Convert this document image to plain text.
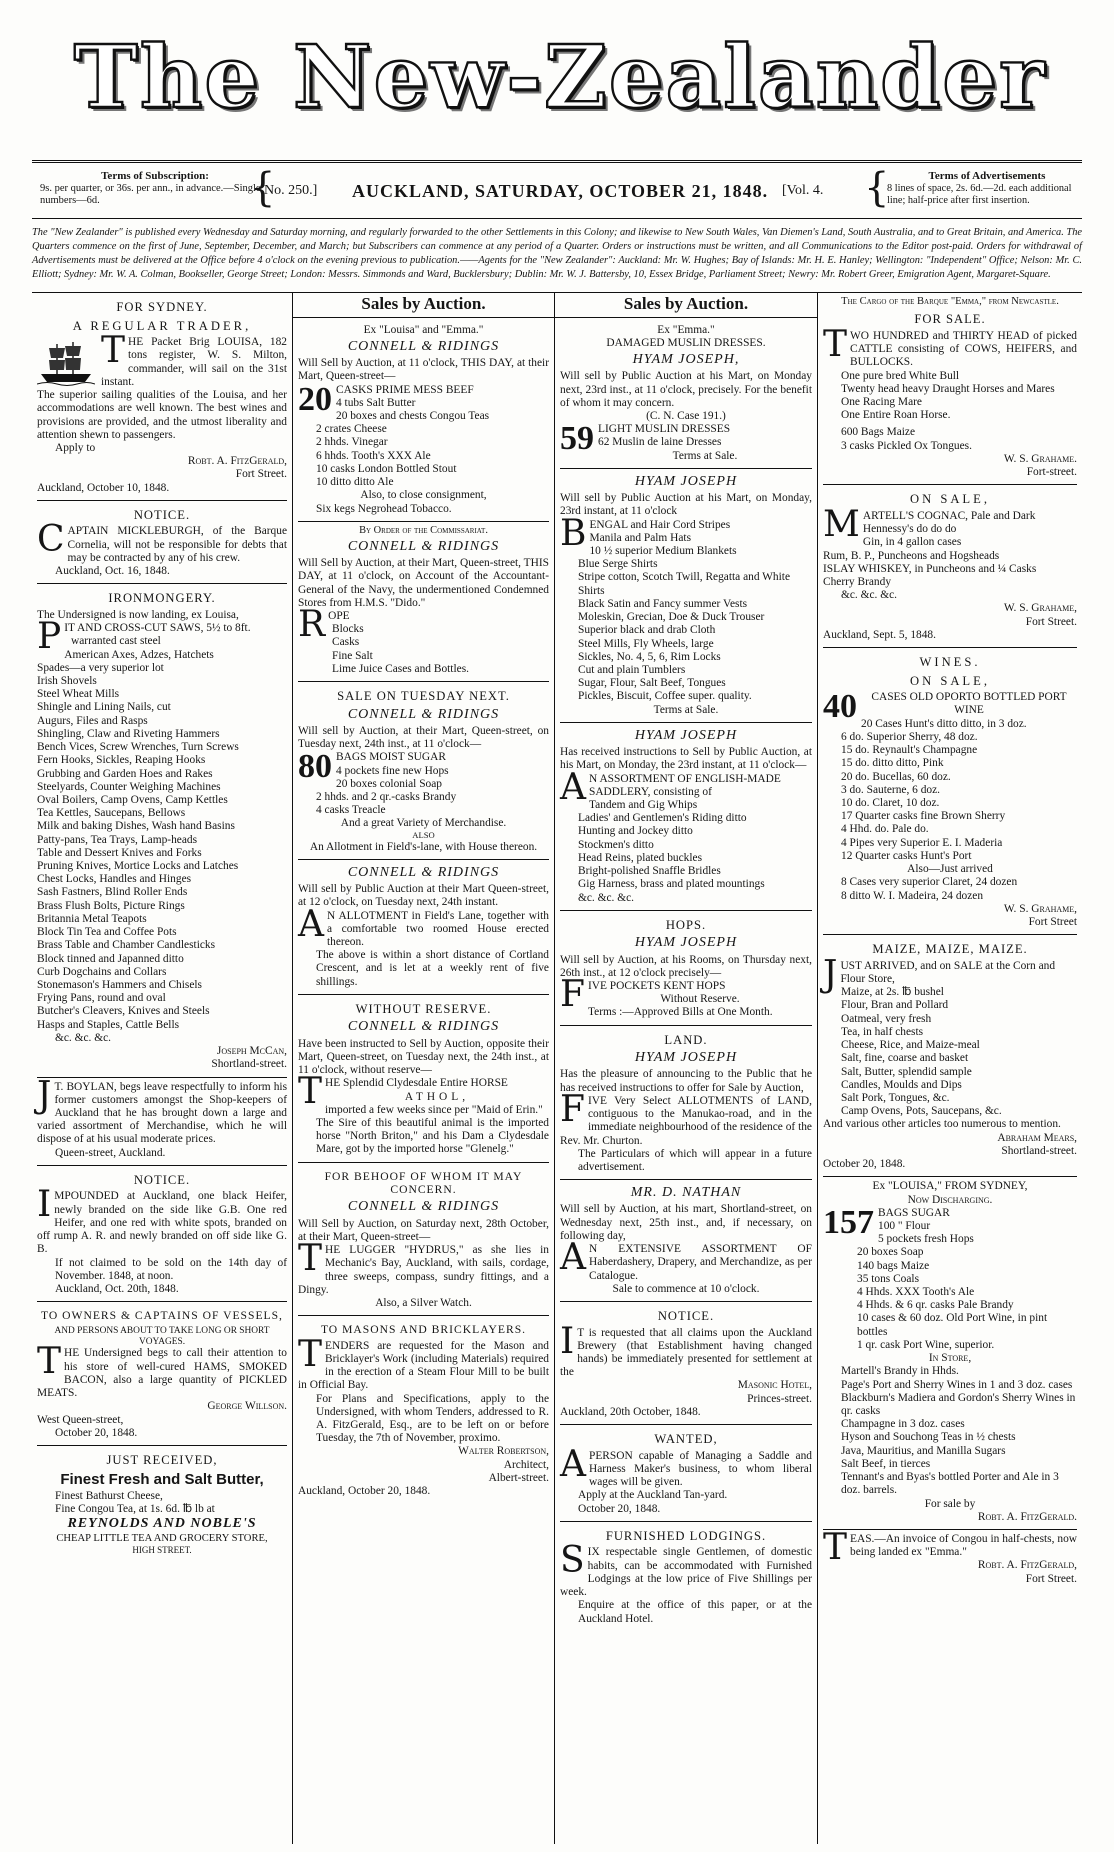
The New-Zealander
Terms of Subscription:
9s. per quarter, or 36s. per ann., in advance.—Single numbers—6d.	{
No. 250.] AUCKLAND, SATURDAY, OCTOBER 21, 1848. [Vol. 4. {	Terms of Advertisements
8 lines of space, 2s. 6d.—2d. each additional line; half-price after first insertion.
The "New Zealander" is published every Wednesday and Saturday morning, and regularly forwarded to the other Settlements in this Colony; and likewise to New South Wales, Van Diemen's Land, South Australia, and to Great Britain, and America. The Quarters commence on the first of June, September, December, and March; but Subscribers can commence at any period of a Quarter. Orders or instructions must be written, and all Communications to the Editor post-paid. Orders for withdrawal of Advertisements must be delivered at the Office before 4 o'clock on the evening previous to publication.——Agents for the "New Zealander": Auckland: Mr. W. Hughes; Bay of Islands: Mr. H. E. Hanley; Wellington: "Independent" Office; Nelson: Mr. C. Elliott; Sydney: Mr. W. A. Colman, Bookseller, George Street; London: Messrs. Simmonds and Ward, Bucklersbury; Dublin: Mr. W. J. Battersby, 10, Essex Bridge, Parliament Street; Newry: Mr. Robert Greer, Emigration Agent, Margaret-Square.
FOR SYDNEY.
A REGULAR TRADER,
T HE Packet Brig LOUISA, 182 tons register, W. S. Milton, commander, will sail on the 31st instant.
The superior sailing qualities of the Louisa, and her accommodations are well known. The best wines and provisions are provided, and the utmost liberality and attention shewn to passengers.
Apply to
Robt. A. FitzGerald,
Fort Street.
Auckland, October 10, 1848.
NOTICE.
C APTAIN MICKLEBURGH, of the Barque Cornelia, will not be responsible for debts that may be contracted by any of his crew.
Auckland, Oct. 16, 1848.
IRONMONGERY.
The Undersigned is now landing, ex Louisa,
P IT AND CROSS-CUT SAWS, 5½ to 8ft.
warranted cast steel
American Axes, Adzes, Hatchets
Spades—a very superior lot
Irish Shovels
Steel Wheat Mills
Shingle and Lining Nails, cut
Augurs, Files and Rasps
Shingling, Claw and Riveting Hammers
Bench Vices, Screw Wrenches, Turn Screws
Fern Hooks, Sickles, Reaping Hooks
Grubbing and Garden Hoes and Rakes
Steelyards, Counter Weighing Machines
Oval Boilers, Camp Ovens, Camp Kettles
Tea Kettles, Saucepans, Bellows
Milk and baking Dishes, Wash hand Basins
Patty-pans, Tea Trays, Lamp-heads
Table and Dessert Knives and Forks
Pruning Knives, Mortice Locks and Latches
Chest Locks, Handles and Hinges
Sash Fastners, Blind Roller Ends
Brass Flush Bolts, Picture Rings
Britannia Metal Teapots
Block Tin Tea and Coffee Pots
Brass Table and Chamber Candlesticks
Block tinned and Japanned ditto
Curb Dogchains and Collars
Stonemason's Hammers and Chisels
Frying Pans, round and oval
Butcher's Cleavers, Knives and Steels
Hasps and Staples, Cattle Bells
&c. &c. &c.
Joseph McCan,
Shortland-street.
J T. BOYLAN, begs leave respectfully to inform his former customers amongst the Shop-keepers of Auckland that he has brought down a large and varied assortment of Merchandise, which he will dispose of at his usual moderate prices.
Queen-street, Auckland.
NOTICE.
I MPOUNDED at Auckland, one black Heifer, newly branded on the side like G.B. One red Heifer, and one red with white spots, branded on off rump A. R. and newly branded on off side like G. B.
If not claimed to be sold on the 14th day of November. 1848, at noon.
Auckland, Oct. 20th, 1848.
TO OWNERS & CAPTAINS OF VESSELS,
AND PERSONS ABOUT TO TAKE LONG OR SHORT VOYAGES.
T HE Undersigned begs to call their attention to his store of well-cured HAMS, SMOKED BACON, also a large quantity of PICKLED MEATS.
George Willson.
West Queen-street,
October 20, 1848.
JUST RECEIVED,
Finest Fresh and Salt Butter,
Finest Bathurst Cheese,
Fine Congou Tea, at 1s. 6d. ℔ lb at
REYNOLDS AND NOBLE'S
CHEAP LITTLE TEA AND GROCERY STORE,
HIGH STREET.
Sales by Auction.
Ex "Louisa" and "Emma."
CONNELL & RIDINGS
Will Sell by Auction, at 11 o'clock, THIS DAY, at their Mart, Queen-street—
20 CASKS PRIME MESS BEEF
4 tubs Salt Butter
20 boxes and chests Congou Teas
2 crates Cheese
2 hhds. Vinegar
6 hhds. Tooth's XXX Ale
10 casks London Bottled Stout
10 ditto ditto Ale
Also, to close consignment,
Six kegs Negrohead Tobacco.
By Order of the Commissariat.
CONNELL & RIDINGS
Will Sell by Auction, at their Mart, Queen-street, THIS DAY, at 11 o'clock, on Account of the Accountant-General of the Navy, the undermentioned Condemned Stores from H.M.S. "Dido."
R OPE
Blocks
Casks
Fine Salt
Lime Juice Cases and Bottles.
SALE ON TUESDAY NEXT.
CONNELL & RIDINGS
Will sell by Auction, at their Mart, Queen-street, on Tuesday next, 24th inst., at 11 o'clock—
80 BAGS MOIST SUGAR
4 pockets fine new Hops
20 boxes colonial Soap
2 hhds. and 2 qr.-casks Brandy
4 casks Treacle
And a great Variety of Merchandise.
ALSO
An Allotment in Field's-lane, with House thereon.
CONNELL & RIDINGS
Will sell by Public Auction at their Mart Queen-street, at 12 o'clock, on Tuesday next, 24th instant.
A N ALLOTMENT in Field's Lane, together with a comfortable two roomed House erected thereon.
The above is within a short distance of Cortland Crescent, and is let at a weekly rent of five shillings.
WITHOUT RESERVE.
CONNELL & RIDINGS
Have been instructed to Sell by Auction, opposite their Mart, Queen-street, on Tuesday next, the 24th inst., at 11 o'clock, without reserve—
T HE Splendid Clydesdale Entire HORSE
ATHOL,
imported a few weeks since per "Maid of Erin."
The Sire of this beautiful animal is the imported horse "North Briton," and his Dam a Clydesdale Mare, got by the imported horse "Glenelg."
FOR BEHOOF OF WHOM IT MAY CONCERN.
CONNELL & RIDINGS
Will Sell by Auction, on Saturday next, 28th October, at their Mart, Queen-street—
T HE LUGGER "HYDRUS," as she lies in Mechanic's Bay, Auckland, with sails, cordage, three sweeps, compass, sundry fittings, and a Dingy.
Also, a Silver Watch.
TO MASONS AND BRICKLAYERS.
T ENDERS are requested for the Mason and Bricklayer's Work (including Materials) required in the erection of a Steam Flour Mill to be built in Official Bay.
For Plans and Specifications, apply to the Undersigned, with whom Tenders, addressed to R. A. FitzGerald, Esq., are to be left on or before Tuesday, the 7th of November, proximo.
Walter Robertson,
Architect,
Albert-street.
Auckland, October 20, 1848.
Sales by Auction.
Ex "Emma."
DAMAGED MUSLIN DRESSES.
HYAM JOSEPH,
Will sell by Public Auction at his Mart, on Monday next, 23rd inst., at 11 o'clock, precisely. For the benefit of whom it may concern.
(C. N. Case 191.)
59 LIGHT MUSLIN DRESSES
62 Muslin de laine Dresses
Terms at Sale.
HYAM JOSEPH
Will sell by Public Auction at his Mart, on Monday, 23rd instant, at 11 o'clock
B ENGAL and Hair Cord Stripes
Manila and Palm Hats
10 ½ superior Medium Blankets
Blue Serge Shirts
Stripe cotton, Scotch Twill, Regatta and White Shirts
Black Satin and Fancy summer Vests
Moleskin, Grecian, Doe & Duck Trouser
Superior black and drab Cloth
Steel Mills, Fly Wheels, large
Sickles, No. 4, 5, 6, Rim Locks
Cut and plain Tumblers
Sugar, Flour, Salt Beef, Tongues
Pickles, Biscuit, Coffee super. quality.
Terms at Sale.
HYAM JOSEPH
Has received instructions to Sell by Public Auction, at his Mart, on Monday, the 23rd instant, at 11 o'clock—
A N ASSORTMENT OF ENGLISH-MADE SADDLERY, consisting of
Tandem and Gig Whips
Ladies' and Gentlemen's Riding ditto
Hunting and Jockey ditto
Stockmen's ditto
Head Reins, plated buckles
Bright-polished Snaffle Bridles
Gig Harness, brass and plated mountings
&c. &c. &c.
HOPS.
HYAM JOSEPH
Will sell by Auction, at his Rooms, on Thursday next, 26th inst., at 12 o'clock precisely—
F IVE POCKETS KENT HOPS
Without Reserve.
Terms :—Approved Bills at One Month.
LAND.
HYAM JOSEPH
Has the pleasure of announcing to the Public that he has received instructions to offer for Sale by Auction,
F IVE Very Select ALLOTMENTS of LAND, contiguous to the Manukao-road, and in the immediate neighbourhood of the residence of the Rev. Mr. Churton.
The Particulars of which will appear in a future advertisement.
MR. D. NATHAN
Will sell by Auction, at his mart, Shortland-street, on Wednesday next, 25th inst., and, if necessary, on following day,
A N EXTENSIVE ASSORTMENT OF Haberdashery, Drapery, and Merchandize, as per Catalogue.
Sale to commence at 10 o'clock.
NOTICE.
I T is requested that all claims upon the Auckland Brewery (that Establishment having changed hands) be immediately presented for settlement at the
Masonic Hotel,
Princes-street.
Auckland, 20th October, 1848.
WANTED,
A PERSON capable of Managing a Saddle and Harness Maker's business, to whom liberal wages will be given.
Apply at the Auckland Tan-yard.
October 20, 1848.
FURNISHED LODGINGS.
S IX respectable single Gentlemen, of domestic habits, can be accommodated with Furnished Lodgings at the low price of Five Shillings per week.
Enquire at the office of this paper, or at the Auckland Hotel.
The Cargo of the Barque "Emma," from Newcastle.
FOR SALE.
T WO HUNDRED and THIRTY HEAD of picked CATTLE consisting of COWS, HEIFERS, and BULLOCKS.
One pure bred White Bull
Twenty head heavy Draught Horses and Mares
One Racing Mare
One Entire Roan Horse.
600 Bags Maize
3 casks Pickled Ox Tongues.
W. S. Grahame.
Fort-street.
ON SALE,
M ARTELL'S COGNAC, Pale and Dark Hennessy's do do do
Gin, in 4 gallon cases
Rum, B. P., Puncheons and Hogsheads
ISLAY WHISKEY, in Puncheons and ¼ Casks
Cherry Brandy
&c. &c. &c.
W. S. Grahame,
Fort Street.
Auckland, Sept. 5, 1848.
WINES.
ON SALE,
40	CASES OLD OPORTO BOTTLED PORT WINE
20 Cases Hunt's ditto ditto, in 3 doz.
6 do. Superior Sherry, 48 doz.
15 do. Reynault's Champagne
15 do. ditto ditto, Pink
20 do. Bucellas, 60 doz.
3 do. Sauterne, 6 doz.
10 do. Claret, 10 doz.
17 Quarter casks fine Brown Sherry
4 Hhd. do. Pale do.
4 Pipes very Superior E. I. Maderia
12 Quarter casks Hunt's Port
Also—Just arrived
8 Cases very superior Claret, 24 dozen
8 ditto W. I. Madeira, 24 dozen
W. S. Grahame,
Fort Street
MAIZE, MAIZE, MAIZE.
J UST ARRIVED, and on SALE at the Corn and Flour Store,
Maize, at 2s. ℔ bushel
Flour, Bran and Pollard
Oatmeal, very fresh
Tea, in half chests
Cheese, Rice, and Maize-meal
Salt, fine, coarse and basket
Salt, Butter, splendid sample
Candles, Moulds and Dips
Salt Pork, Tongues, &c.
Camp Ovens, Pots, Saucepans, &c.
And various other articles too numerous to mention.
Abraham Mears,
Shortland-street.
October 20, 1848.
Ex "LOUISA," FROM SYDNEY,
Now Discharging.
157 BAGS SUGAR
100 " Flour
5 pockets fresh Hops
20 boxes Soap
140 bags Maize
35 tons Coals
4 Hhds. XXX Tooth's Ale
4 Hhds. & 6 qr. casks Pale Brandy
10 cases & 60 doz. Old Port Wine, in pint bottles
1 qr. cask Port Wine, superior.
In Store,
Martell's Brandy in Hhds.
Page's Port and Sherry Wines in 1 and 3 doz. cases
Blackburn's Madiera and Gordon's Sherry Wines in qr. casks
Champagne in 3 doz. cases
Hyson and Souchong Teas in ½ chests
Java, Mauritius, and Manilla Sugars
Salt Beef, in tierces
Tennant's and Byas's bottled Porter and Ale in 3 doz. barrels.
For sale by
Robt. A. FitzGerald.
T EAS.—An invoice of Congou in half-chests, now being landed ex "Emma."
Robt. A. FitzGerald,
Fort Street.
